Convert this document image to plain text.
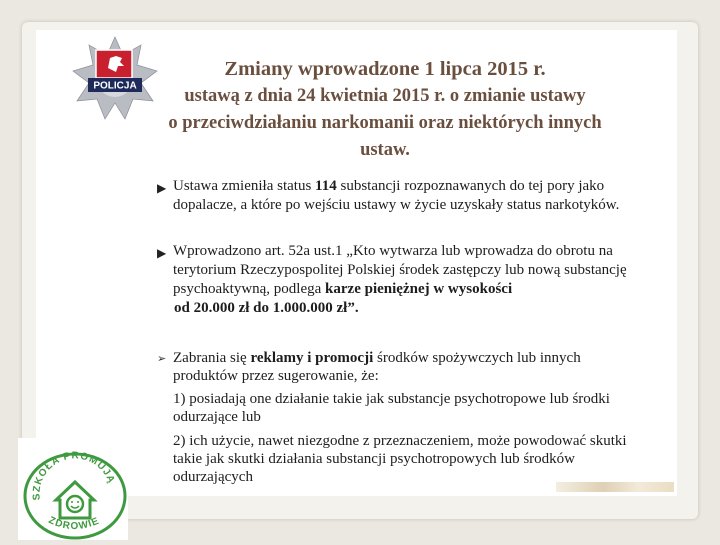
POLICJA
Zmiany wprowadzone 1 lipca 2015 r.
ustawą z dnia 24 kwietnia 2015 r. o zmianie ustawy
o przeciwdziałaniu narkomanii oraz niektórych innych ustaw.
▶ Ustawa zmieniła status 114 substancji rozpoznawanych do tej pory jako
dopalacze, a które po wejściu ustawy w życie uzyskały status narkotyków.
▶ Wprowadzono art. 52a ust.1 „Kto wytwarza lub wprowadza do obrotu na
terytorium Rzeczypospolitej Polskiej środek zastępczy lub nową substancję
psychoaktywną, podlega karze pieniężnej w wysokości
od 20.000 zł do 1.000.000 zł”.
➢ Zabrania się reklamy i promocji środków spożywczych lub innych
produktów przez sugerowanie, że:
1) posiadają one działanie takie jak substancje psychotropowe lub środki
odurzające lub
2) ich użycie, nawet niezgodne z przeznaczeniem, może powodować skutki
takie jak skutki działania substancji psychotropowych lub środków
odurzających
SZKOŁA PROMUJĄ
ZDROWIE
